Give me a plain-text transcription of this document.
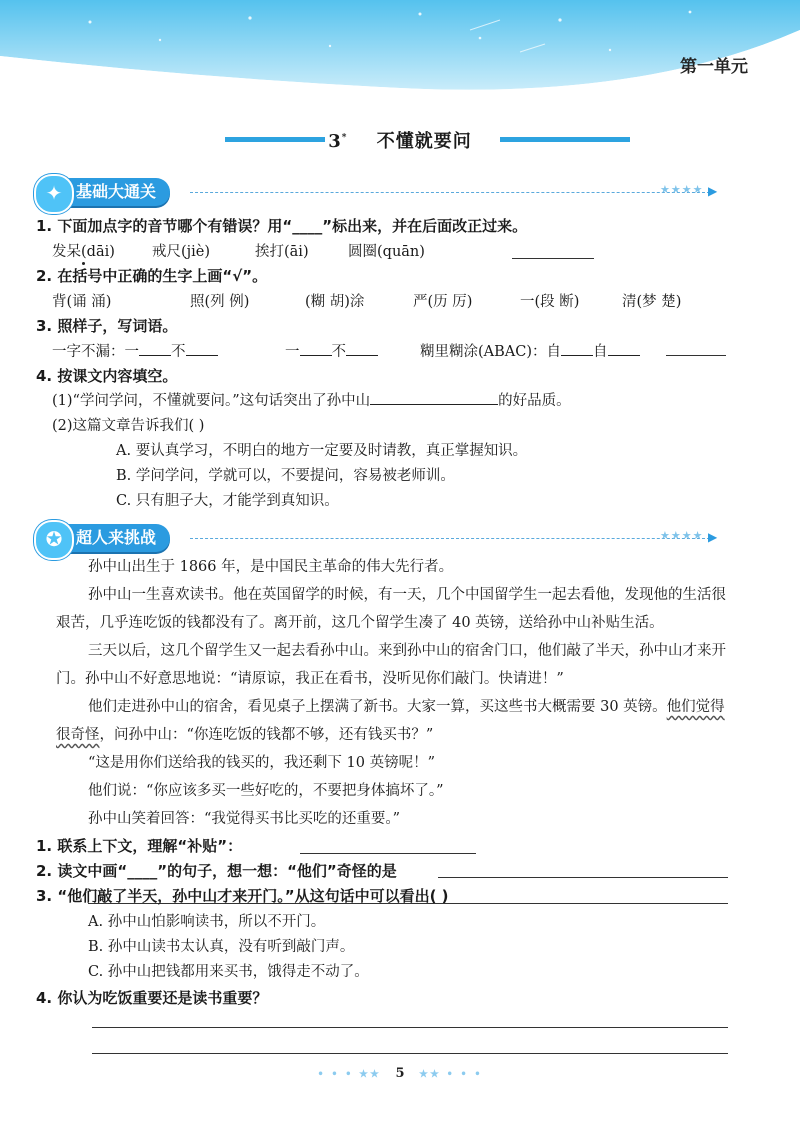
第一单元
3* 不懂就要问
✦ 基础大通关	★★★★ ▶
1. 下面加点字的音节哪个有错误？用“____”标出来，并在后面改正过来。
发呆(dāi)	戒尺(jiè)	挨打(āi)	圆圈(quān)
2. 在括号中正确的生字上画“√”。
背(诵 涌)	照(列 例)	(糊 胡)涂	严(历 厉)	一(段 断)	清(梦 楚)
3. 照样子，写词语。
一字不漏：一 不	一 不	糊里糊涂(ABAC)：自 自
4. 按课文内容填空。
(1)“学问学问，不懂就要问。”这句话突出了孙中山	的好品质。
(2)这篇文章告诉我们( )
A. 要认真学习，不明白的地方一定要及时请教，真正掌握知识。
B. 学问学问，学就可以，不要提问，容易被老师训。
C. 只有胆子大，才能学到真知识。
✪ 超人来挑战	★★★★ ▶
孙中山出生于 1866 年，是中国民主革命的伟大先行者。
孙中山一生喜欢读书。他在英国留学的时候，有一天，几个中国留学生一起去看他，发现他的生活很艰苦，几乎连吃饭的钱都没有了。离开前，这几个留学生凑了 40 英镑，送给孙中山补贴生活。
三天以后，这几个留学生又一起去看孙中山。来到孙中山的宿舍门口，他们敲了半天，孙中山才来开门。孙中山不好意思地说：“请原谅，我正在看书，没听见你们敲门。快请进！”
他们走进孙中山的宿舍，看见桌子上摆满了新书。大家一算，买这些书大概需要 30 英镑。他们觉得很奇怪，问孙中山：“你连吃饭的钱都不够，还有钱买书？”
“这是用你们送给我的钱买的，我还剩下 10 英镑呢！”
他们说：“你应该多买一些好吃的，不要把身体搞坏了。”
孙中山笑着回答：“我觉得买书比买吃的还重要。”
1. 联系上下文，理解“补贴”：
2. 读文中画“____”的句子，想一想：“他们”奇怪的是
3. “他们敲了半天，孙中山才来开门。”从这句话中可以看出( )
A. 孙中山怕影响读书，所以不开门。
B. 孙中山读书太认真，没有听到敲门声。
C. 孙中山把钱都用来买书，饿得走不动了。
4. 你认为吃饭重要还是读书重要？
• • • ★★ 5 ★★ • • •
